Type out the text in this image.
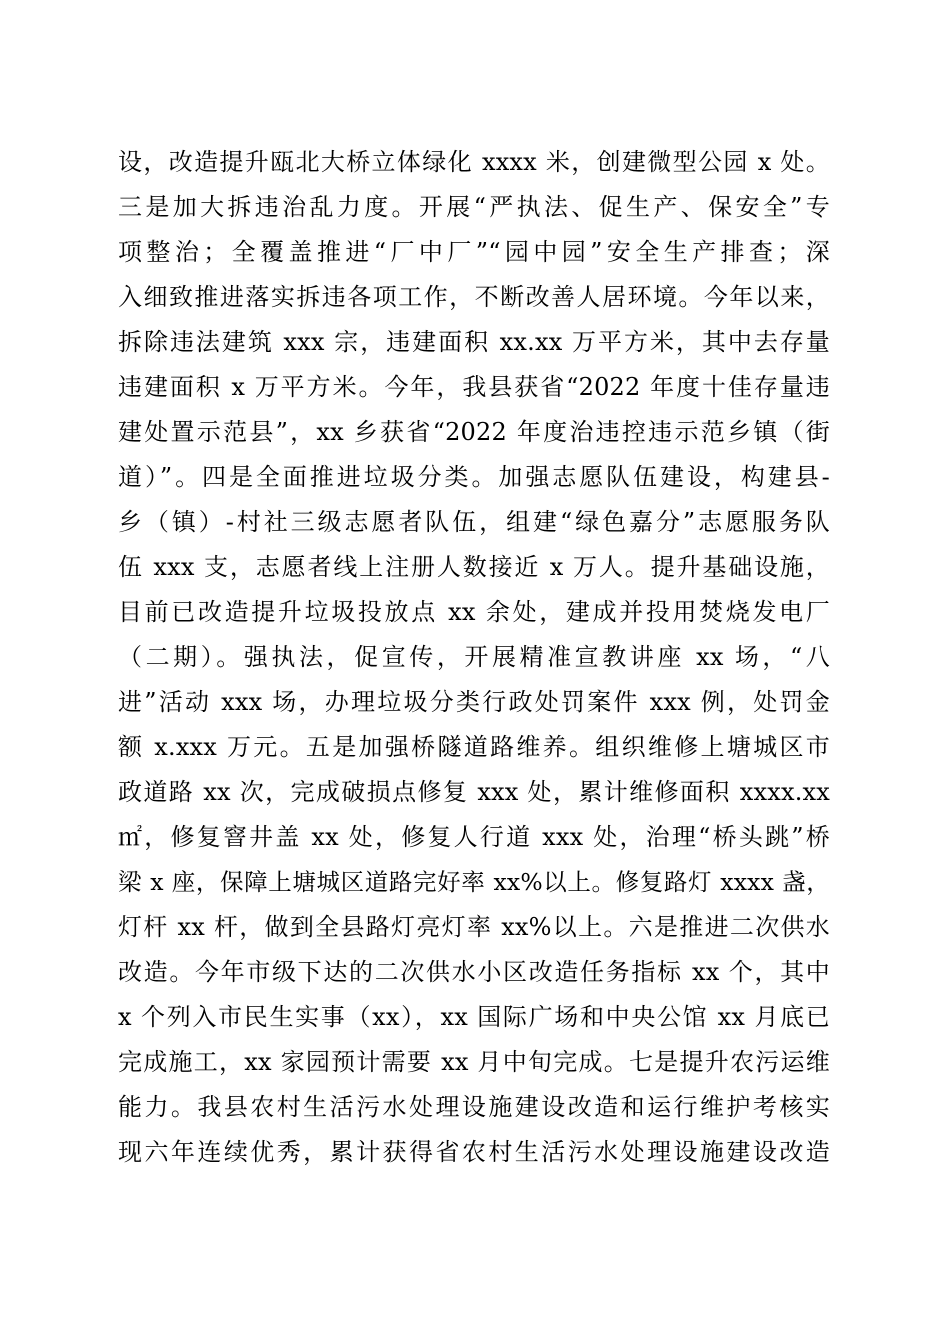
设，改造提升瓯北大桥立体绿化 xxxx 米，创建微型公园 x 处。
三是加大拆违治乱力度。开展“严执法、促生产、保安全”专
项整治；全覆盖推进“厂中厂”“园中园”安全生产排查；深
入细致推进落实拆违各项工作，不断改善人居环境。今年以来，
拆除违法建筑 xxx 宗，违建面积 xx.xx 万平方米，其中去存量
违建面积 x 万平方米。今年，我县获省“2022 年度十佳存量违
建处置示范县”，xx 乡获省“2022 年度治违控违示范乡镇（街
道）”。四是全面推进垃圾分类。加强志愿队伍建设，构建县-
乡（镇）-村社三级志愿者队伍，组建“绿色嘉分”志愿服务队
伍 xxx 支，志愿者线上注册人数接近 x 万人。提升基础设施，
目前已改造提升垃圾投放点 xx 余处，建成并投用焚烧发电厂
（二期）。强执法，促宣传，开展精准宣教讲座 xx 场，“八
进”活动 xxx 场，办理垃圾分类行政处罚案件 xxx 例，处罚金
额 x.xxx 万元。五是加强桥隧道路维养。组织维修上塘城区市
政道路 xx 次，完成破损点修复 xxx 处，累计维修面积 xxxx.xx
㎡，修复窨井盖 xx 处，修复人行道 xxx 处，治理“桥头跳”桥
梁 x 座，保障上塘城区道路完好率 xx%以上。修复路灯 xxxx 盏，
灯杆 xx 杆，做到全县路灯亮灯率 xx%以上。六是推进二次供水
改造。今年市级下达的二次供水小区改造任务指标 xx 个，其中
x 个列入市民生实事（xx），xx 国际广场和中央公馆 xx 月底已
完成施工，xx 家园预计需要 xx 月中旬完成。七是提升农污运维
能力。我县农村生活污水处理设施建设改造和运行维护考核实
现六年连续优秀，累计获得省农村生活污水处理设施建设改造
